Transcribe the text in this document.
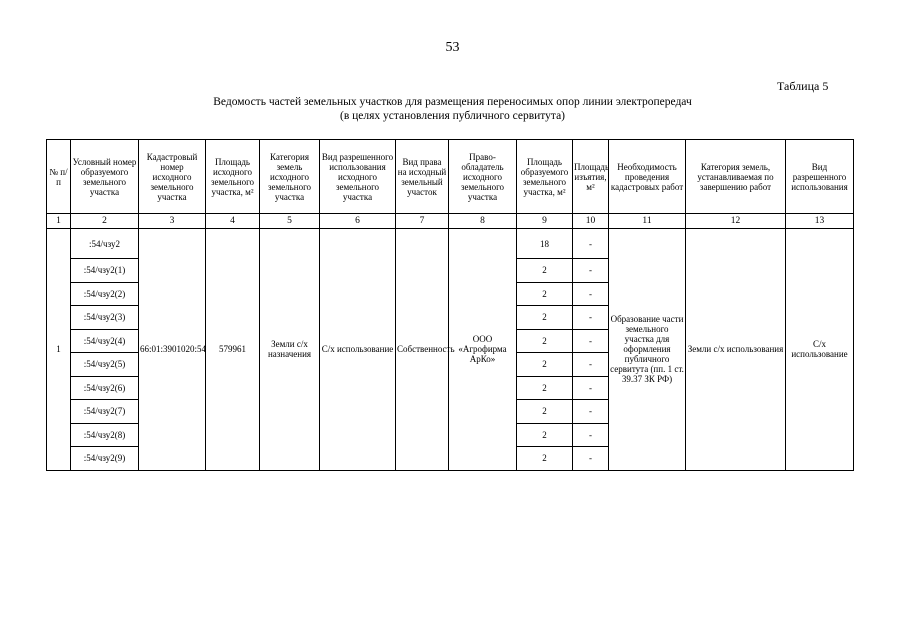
53
Таблица 5
Ведомость частей земельных участков для размещения переносимых опор линии электропередач
(в целях установления публичного сервитута)
№ п/п	Условный номер образуемого земельного участка	Кадастровый номер исходного земельного участка	Площадь исходного земельного участка, м²	Категория земель исходного земельного участка	Вид разрешенного использования исходного земельного участка	Вид права на исходный земельный участок	Право-обладатель исходного земельного участка	Площадь образуемого земельного участка, м²	Площадь изъятия, м²	Необходимость проведения кадастровых работ	Категория земель, устанавливаемая по завершению работ	Вид разрешенного использования
1	2	3	4	5	6	7	8	9	10	11	12	13
1	:54/чзу2	66:01:3901020:54	579961	Земли с/х назначения	С/х использование	Собственность	ООО «Агрофирма АрКо»	18	-	Образование части земельного участка для оформления публичного сервитута (пп. 1 ст. 39.37 ЗК РФ)	Земли с/х использования	С/х использование
	:54/чзу2(1)							2	-			
	:54/чзу2(2)							2	-			
	:54/чзу2(3)							2	-			
	:54/чзу2(4)							2	-			
	:54/чзу2(5)							2	-			
	:54/чзу2(6)							2	-			
	:54/чзу2(7)							2	-			
	:54/чзу2(8)							2	-			
	:54/чзу2(9)							2	-			
